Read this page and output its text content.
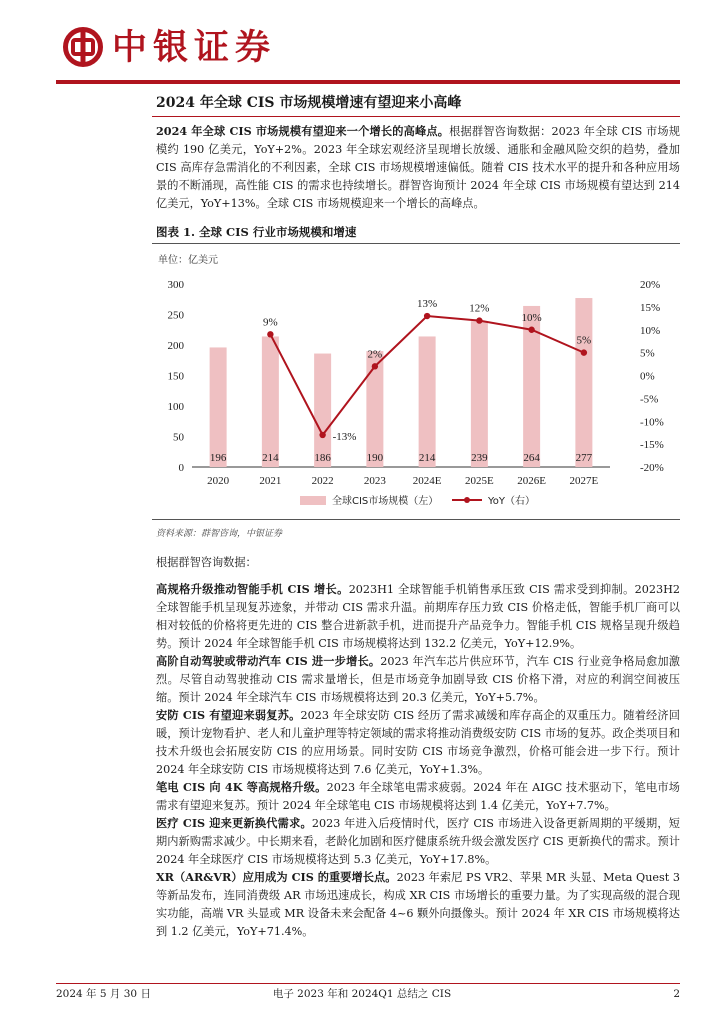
中银证券
2024 年全球 CIS 市场规模增速有望迎来小高峰
2024 年全球 CIS 市场规模有望迎来一个增长的高峰点。根据群智咨询数据：2023 年全球 CIS 市场规模约 190 亿美元，YoY+2%。2023 年全球宏观经济呈现增长放缓、通胀和金融风险交织的趋势，叠加 CIS 高库存急需消化的不利因素，全球 CIS 市场规模增速偏低。随着 CIS 技术水平的提升和各种应用场景的不断涌现，高性能 CIS 的需求也持续增长。群智咨询预计 2024 年全球 CIS 市场规模有望达到 214 亿美元，YoY+13%。全球 CIS 市场规模迎来一个增长的高峰点。
图表 1. 全球 CIS 行业市场规模和增速
单位：亿美元
0
50
100
150
200
250
300
-20%
-15%
-10%
-5%
0%
5%
10%
15%
20%
196
2020
214
2021
186
2022
190
2023
214
2024E
239
2025E
264
2026E
277
2027E
9%
-13%
2%
13%	12%
10%
5%
全球CIS市场规模（左）	YoY（右）
资料来源：群智咨询，中银证券
根据群智咨询数据：
高规格升级推动智能手机 CIS 增长。2023H1 全球智能手机销售承压致 CIS 需求受到抑制。2023H2 全球智能手机呈现复苏迹象，并带动 CIS 需求升温。前期库存压力致 CIS 价格走低，智能手机厂商可以相对较低的价格将更先进的 CIS 整合进新款手机，进而提升产品竞争力。智能手机 CIS 规格呈现升级趋势。预计 2024 年全球智能手机 CIS 市场规模将达到 132.2 亿美元，YoY+12.9%。
高阶自动驾驶或带动汽车 CIS 进一步增长。2023 年汽车芯片供应环节，汽车 CIS 行业竞争格局愈加激烈。尽管自动驾驶推动 CIS 需求量增长，但是市场竞争加剧导致 CIS 价格下滑，对应的利润空间被压缩。预计 2024 年全球汽车 CIS 市场规模将达到 20.3 亿美元，YoY+5.7%。
安防 CIS 有望迎来弱复苏。2023 年全球安防 CIS 经历了需求减缓和库存高企的双重压力。随着经济回暖，预计宠物看护、老人和儿童护理等特定领域的需求将推动消费级安防 CIS 市场的复苏。政企类项目和技术升级也会拓展安防 CIS 的应用场景。同时安防 CIS 市场竞争激烈，价格可能会进一步下行。预计 2024 年全球安防 CIS 市场规模将达到 7.6 亿美元，YoY+1.3%。
笔电 CIS 向 4K 等高规格升级。2023 年全球笔电需求疲弱。2024 年在 AIGC 技术驱动下，笔电市场需求有望迎来复苏。预计 2024 年全球笔电 CIS 市场规模将达到 1.4 亿美元，YoY+7.7%。
医疗 CIS 迎来更新换代需求。2023 年进入后疫情时代，医疗 CIS 市场进入设备更新周期的平缓期，短期内新购需求减少。中长期来看，老龄化加剧和医疗健康系统升级会激发医疗 CIS 更新换代的需求。预计 2024 年全球医疗 CIS 市场规模将达到 5.3 亿美元，YoY+17.8%。
XR（AR&VR）应用成为 CIS 的重要增长点。2023 年索尼 PS VR2、苹果 MR 头显、Meta Quest 3 等新品发布，连同消费级 AR 市场迅速成长，构成 XR CIS 市场增长的重要力量。为了实现高级的混合现实功能，高端 VR 头显或 MR 设备未来会配备 4~6 颗外向摄像头。预计 2024 年 XR CIS 市场规模将达到 1.2 亿美元，YoY+71.4%。
2024 年 5 月 30 日	电子 2023 年和 2024Q1 总结之 CIS	2
